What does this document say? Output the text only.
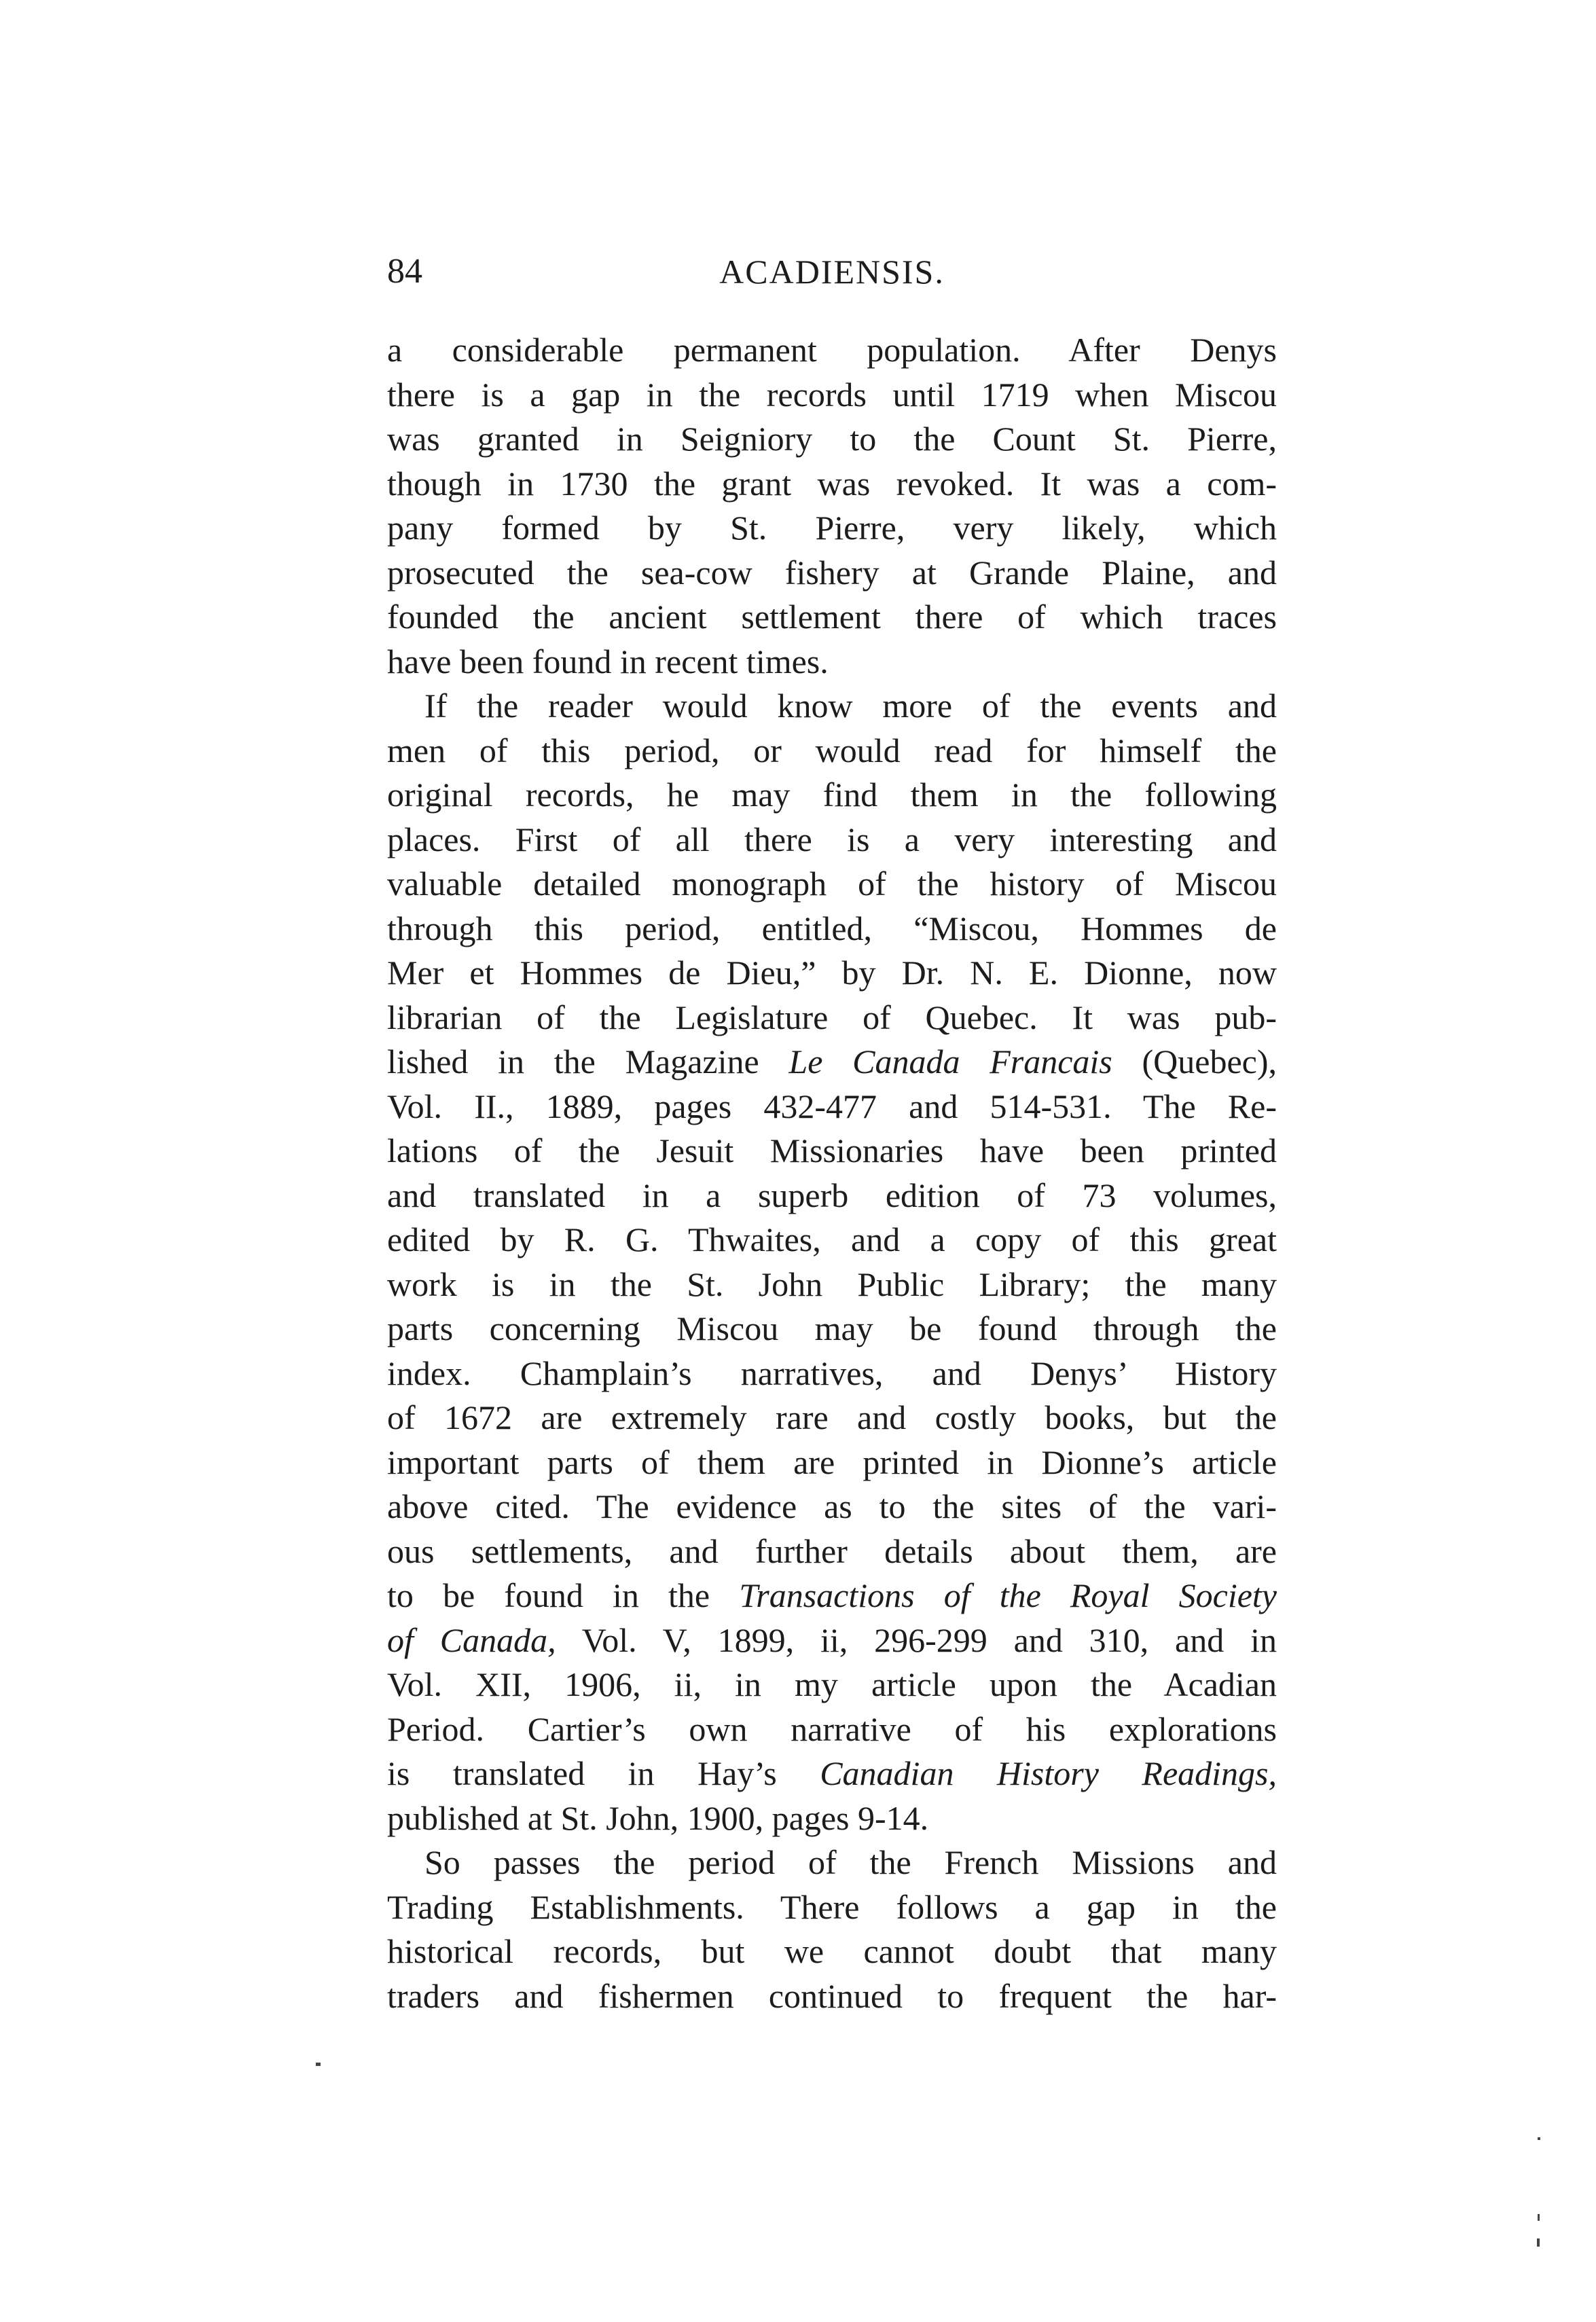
84	ACADIENSIS.
a considerable permanent population. After Denys
there is a gap in the records until 1719 when Miscou
was granted in Seigniory to the Count St. Pierre,
though in 1730 the grant was revoked. It was a com-
pany formed by St. Pierre, very likely, which
prosecuted the sea-cow fishery at Grande Plaine, and
founded the ancient settlement there of which traces
have been found in recent times.
If the reader would know more of the events and
men of this period, or would read for himself the
original records, he may find them in the following
places. First of all there is a very interesting and
valuable detailed monograph of the history of Miscou
through this period, entitled, “Miscou, Hommes de
Mer et Hommes de Dieu,” by Dr. N. E. Dionne, now
librarian of the Legislature of Quebec. It was pub-
lished in the Magazine Le Canada Francais (Quebec),
Vol. II., 1889, pages 432-477 and 514-531. The Re-
lations of the Jesuit Missionaries have been printed
and translated in a superb edition of 73 volumes,
edited by R. G. Thwaites, and a copy of this great
work is in the St. John Public Library; the many
parts concerning Miscou may be found through the
index. Champlain’s narratives, and Denys’ History
of 1672 are extremely rare and costly books, but the
important parts of them are printed in Dionne’s article
above cited. The evidence as to the sites of the vari-
ous settlements, and further details about them, are
to be found in the Transactions of the Royal Society
of Canada, Vol. V, 1899, ii, 296-299 and 310, and in
Vol. XII, 1906, ii, in my article upon the Acadian
Period. Cartier’s own narrative of his explorations
is translated in Hay’s Canadian History Readings,
published at St. John, 1900, pages 9-14.
So passes the period of the French Missions and
Trading Establishments. There follows a gap in the
historical records, but we cannot doubt that many
traders and fishermen continued to frequent the har-
